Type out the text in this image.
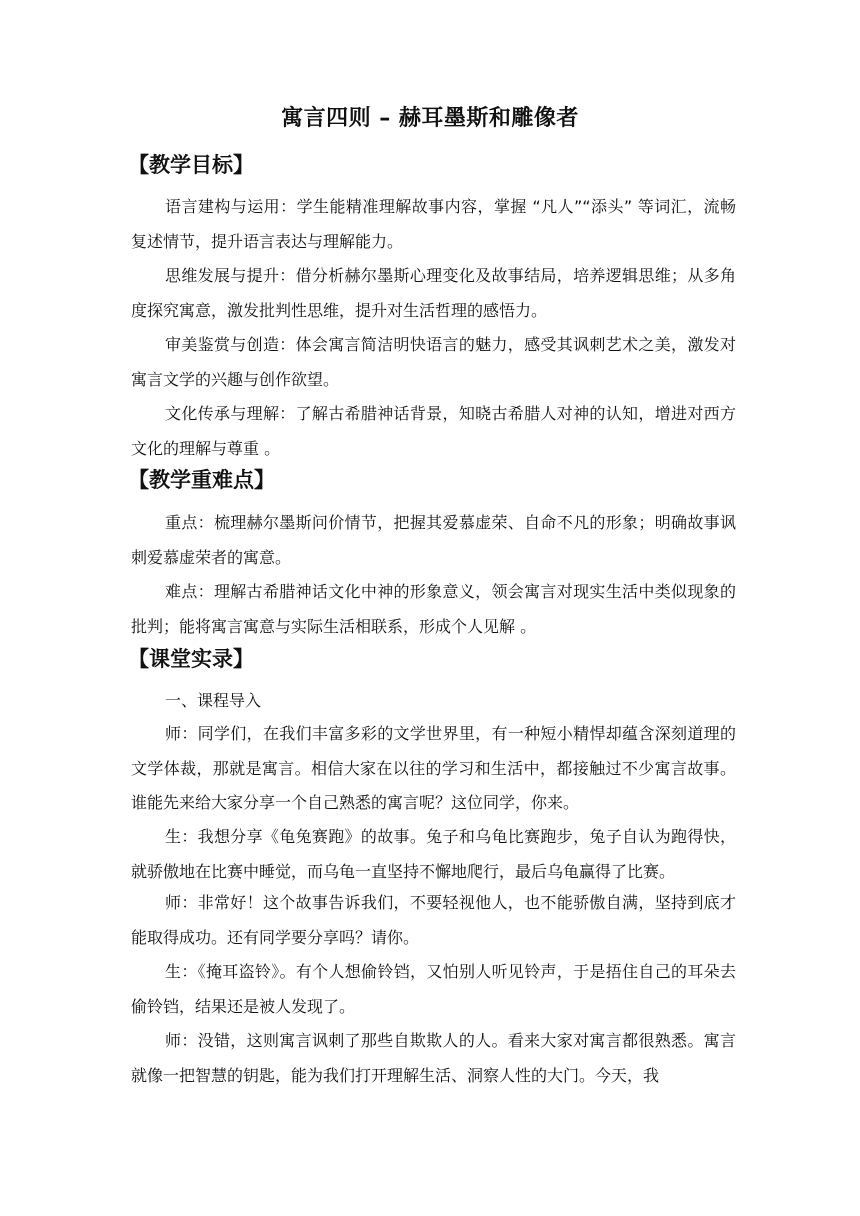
寓言四则 – 赫耳墨斯和雕像者
【教学目标】

语言建构与运用：学生能精准理解故事内容，掌握 “凡人”“添头” 等词汇，流畅复述情节，提升语言表达与理解能力。

思维发展与提升：借分析赫尔墨斯心理变化及故事结局，培养逻辑思维；从多角度探究寓意，激发批判性思维，提升对生活哲理的感悟力。

审美鉴赏与创造：体会寓言简洁明快语言的魅力，感受其讽刺艺术之美，激发对寓言文学的兴趣与创作欲望。

文化传承与理解：了解古希腊神话背景，知晓古希腊人对神的认知，增进对西方文化的理解与尊重 。

【教学重难点】

重点：梳理赫尔墨斯问价情节，把握其爱慕虚荣、自命不凡的形象；明确故事讽刺爱慕虚荣者的寓意。

难点：理解古希腊神话文化中神的形象意义，领会寓言对现实生活中类似现象的批判；能将寓言寓意与实际生活相联系，形成个人见解 。

【课堂实录】
一、课程导入

师：同学们，在我们丰富多彩的文学世界里，有一种短小精悍却蕴含深刻道理的文学体裁，那就是寓言。相信大家在以往的学习和生活中，都接触过不少寓言故事。谁能先来给大家分享一个自己熟悉的寓言呢？这位同学，你来。

生：我想分享《龟兔赛跑》的故事。兔子和乌龟比赛跑步，兔子自认为跑得快，就骄傲地在比赛中睡觉，而乌龟一直坚持不懈地爬行，最后乌龟赢得了比赛。

师：非常好！这个故事告诉我们，不要轻视他人，也不能骄傲自满，坚持到底才能取得成功。还有同学要分享吗？请你。

生：《掩耳盗铃》。有个人想偷铃铛，又怕别人听见铃声，于是捂住自己的耳朵去偷铃铛，结果还是被人发现了。

师：没错，这则寓言讽刺了那些自欺欺人的人。看来大家对寓言都很熟悉。寓言就像一把智慧的钥匙，能为我们打开理解生活、洞察人性的大门。今天，我
